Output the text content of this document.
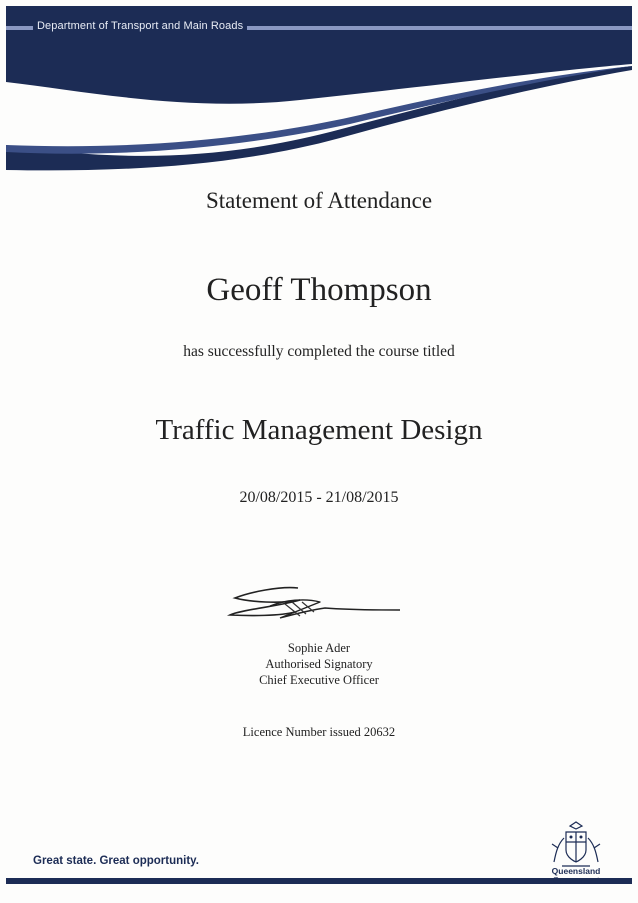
Department of Transport and Main Roads
Statement of Attendance
Geoff Thompson
has successfully completed the course titled
Traffic Management Design
20/08/2015 - 21/08/2015
Sophie Ader
Authorised Signatory
Chief Executive Officer
Licence Number issued 20632
Great state. Great opportunity.
Queensland
Government
